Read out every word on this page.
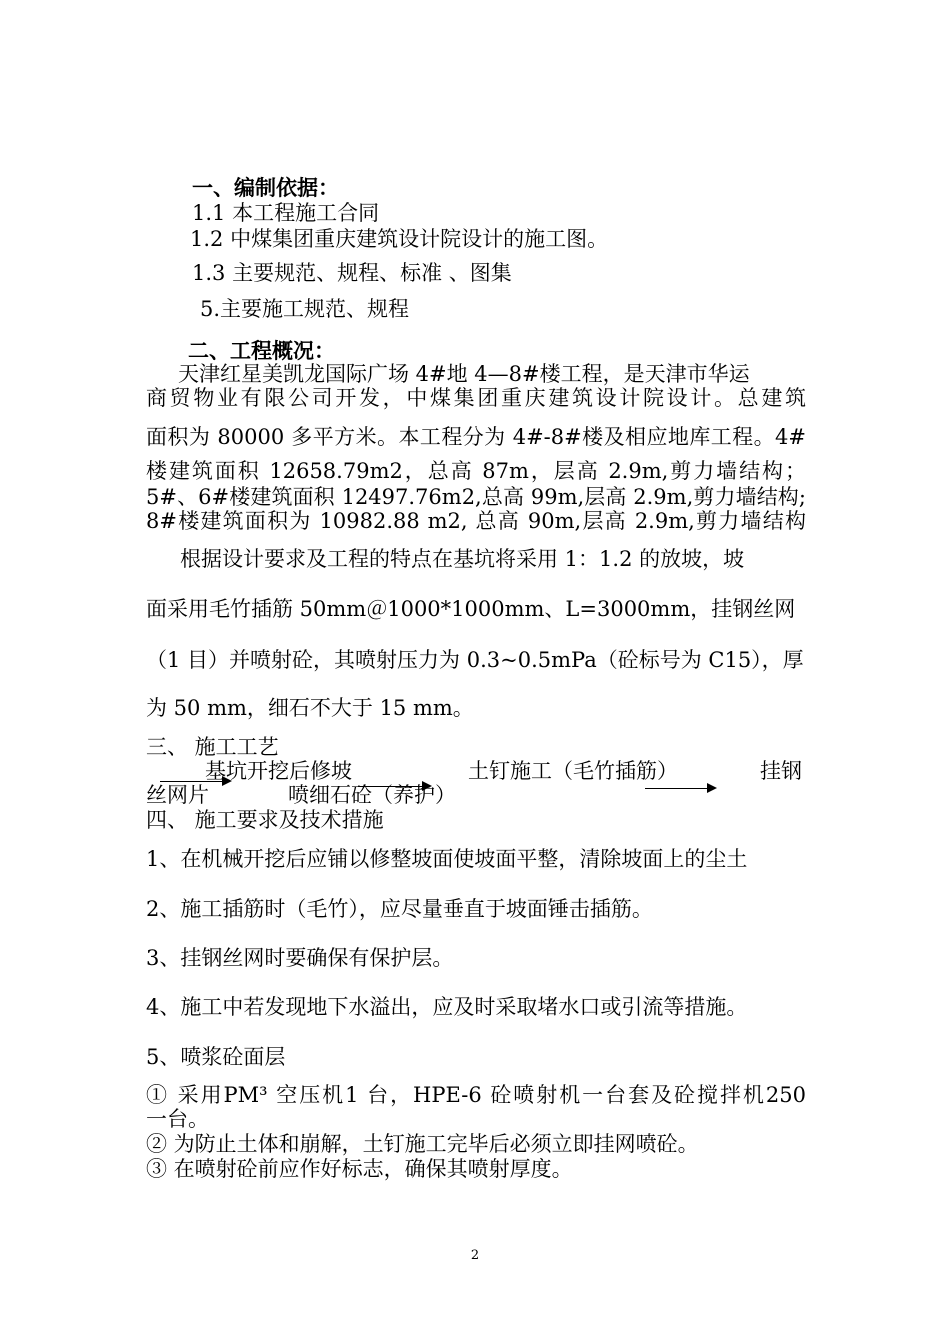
一、编制依据：
1.1 本工程施工合同
1.2 中煤集团重庆建筑设计院设计的施工图。
1.3 主要规范、规程、标准 、图集
5.主要施工规范、规程
二、工程概况：
天津红星美凯龙国际广场 4#地 4—8#楼工程，是天津市华运
商贸物业有限公司开发，中煤集团重庆建筑设计院设计。总建筑
面积为 80000 多平方米。本工程分为 4#-8#楼及相应地库工程。4#
楼建筑面积 12658.79m2，总高 87m，层高 2.9m,剪力墙结构；
5#、6#楼建筑面积 12497.76m2,总高 99m,层高 2.9m,剪力墙结构;
8#楼建筑面积为 10982.88 m2, 总高 90m,层高 2.9m,剪力墙结构
根据设计要求及工程的特点在基坑将采用 1：1.2 的放坡，坡
面采用毛竹插筋 50mm＠1000*1000mm、L=3000mm，挂钢丝网
（1 目）并喷射砼，其喷射压力为 0.3~0.5mPa（砼标号为 C15），厚
为 50 mm，细石不大于 15 mm。
三、 施工工艺
基坑开挖后修坡	土钉施工（毛竹插筋）	挂钢
丝网片	喷细石砼（养护）
四、 施工要求及技术措施
1、在机械开挖后应铺以修整坡面使坡面平整，清除坡面上的尘土
2、施工插筋时（毛竹），应尽量垂直于坡面锤击插筋。
3、挂钢丝网时要确保有保护层。
4、施工中若发现地下水溢出，应及时采取堵水口或引流等措施。
5、喷浆砼面层
① 采用PM³ 空压机1 台，HPE-6 砼喷射机一台套及砼搅拌机250
一台。
② 为防止土体和崩解，土钉施工完毕后必须立即挂网喷砼。
③ 在喷射砼前应作好标志，确保其喷射厚度。
2
